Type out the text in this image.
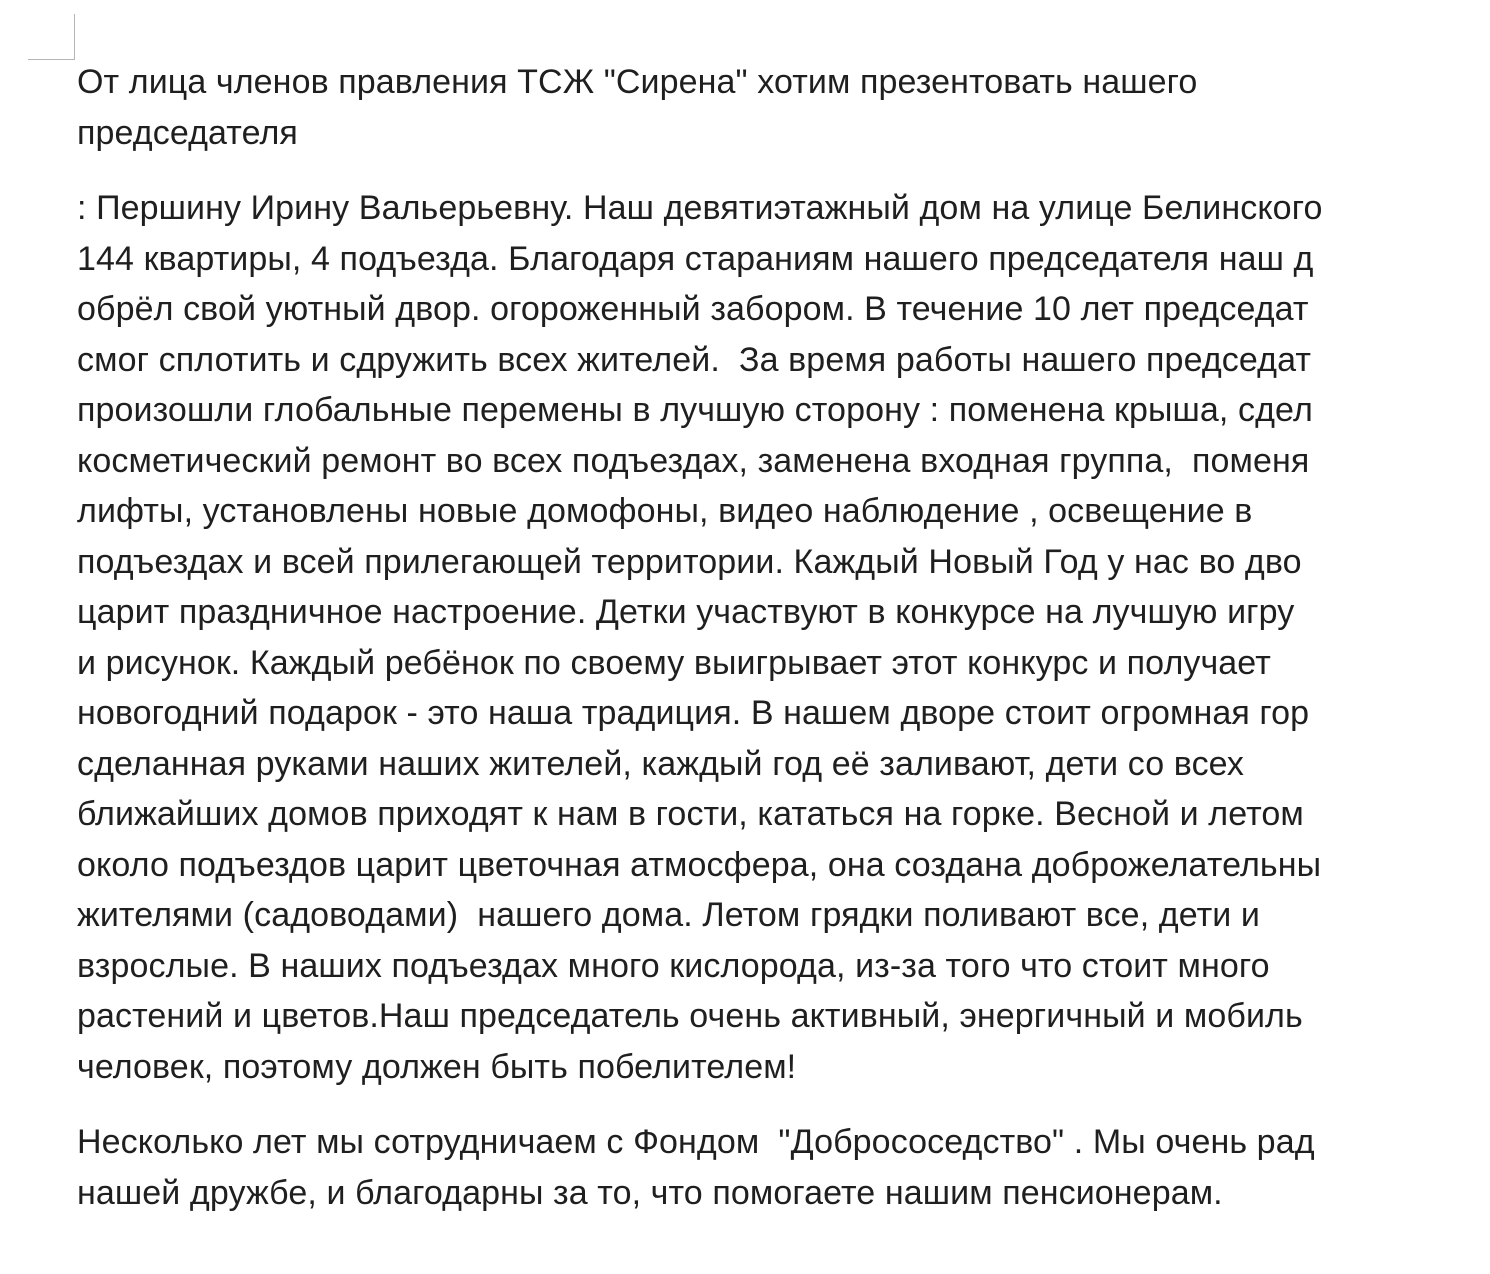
От лица членов правления ТСЖ "Сирена" хотим презентовать нашего
председателя

: Першину Ирину Вальерьевну. Наш девятиэтажный дом на улице Белинского
144 квартиры, 4 подъезда. Благодаря стараниям нашего председателя наш д
обрёл свой уютный двор. огороженный забором. В течение 10 лет председат
смог сплотить и сдружить всех жителей.  За время работы нашего председат
произошли глобальные перемены в лучшую сторону : поменена крыша, сдел
косметический ремонт во всех подъездах, заменена входная группа,  поменя
лифты, установлены новые домофоны, видео наблюдение , освещение в
подъездах и всей прилегающей территории. Каждый Новый Год у нас во дво
царит праздничное настроение. Детки участвуют в конкурсе на лучшую игру
и рисунок. Каждый ребёнок по своему выигрывает этот конкурс и получает
новогодний подарок - это наша традиция. В нашем дворе стоит огромная гор
сделанная руками наших жителей, каждый год её заливают, дети со всех
ближайших домов приходят к нам в гости, кататься на горке. Весной и летом
около подъездов царит цветочная атмосфера, она создана доброжелательны
жителями (садоводами)  нашего дома. Летом грядки поливают все, дети и
взрослые. В наших подъездах много кислорода, из-за того что стоит много
растений и цветов.Наш председатель очень активный, энергичный и мобиль
человек, поэтому должен быть побелителем!

Несколько лет мы сотрудничаем с Фондом  "Добрососедство" . Мы очень рад
нашей дружбе, и благодарны за то, что помогаете нашим пенсионерам.
